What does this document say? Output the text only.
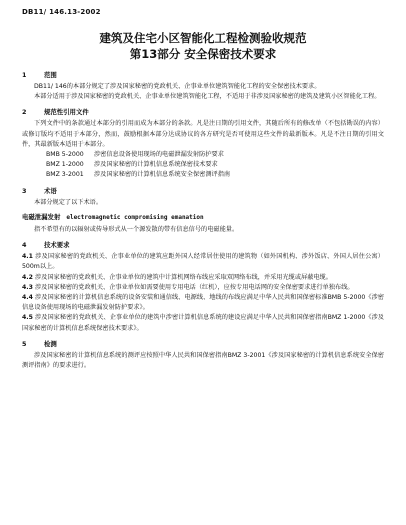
DB11/ 146.13-2002
建筑及住宅小区智能化工程检测验收规范
第13部分 安全保密技术要求
1	范围

DB11/ 146的本部分规定了涉及国家秘密的党政机关、企事业单位建筑智能化工程的安全保密技术要求。

本部分适用于涉及国家秘密的党政机关、企事业单位建筑智能化工程，不适用于非涉及国家秘密的建筑及建筑小区智能化工程。

2	规范性引用文件

下列文件中的条款通过本部分的引用而成为本部分的条款。凡是注日期的引用文件，其随后所有的修改单（不包括勘误的内容）或修订版均不适用于本部分，然而，鼓励根据本部分达成协议的各方研究是否可使用这些文件的最新版本。凡是不注日期的引用文件，其最新版本适用于本部分。

BMB 5-2000 涉密信息设备使用现场的电磁泄漏发射防护要求
BMZ 1-2000 涉及国家秘密的计算机信息系统保密技术要求
BMZ 3-2001 涉及国家秘密的计算机信息系统安全保密测评指南
3	术语

本部分规定了以下术语。

电磁泄漏发射 electromagnetic compromising emanation

指不希望有的以辐射或传导形式从一个源发散的带有信息信号的电磁能量。

4	技术要求

4.1 涉及国家秘密的党政机关、企事业单位的建筑应距外国人经常居住使用的建筑物（如外国机构、涉外饭店、外国人居住公寓）500m以上。

4.2 涉及国家秘密的党政机关、企事业单位的建筑中计算机网络布线应采取双网络布线，并采用光缆或屏蔽电缆。

4.3 涉及国家秘密的党政机关、企事业单位如需要使用专用电话（红机），应按专用电话网的安全保密要求进行单独布线。

4.4 涉及国家秘密的计算机信息系统的设备安装和通信线、电源线、地线的布线应满足中华人民共和国保密标准BMB 5-2000《涉密信息设备使用现场的电磁泄漏发射防护要求》。

4.5 涉及国家秘密的党政机关、企事业单位的建筑中涉密计算机信息系统的建设应满足中华人民共和国保密指南BMZ 1-2000《涉及国家秘密的计算机信息系统保密技术要求》。

5	检测

涉及国家秘密的计算机信息系统的测评应按照中华人民共和国保密指南BMZ 3-2001《涉及国家秘密的计算机信息系统安全保密测评指南》的要求进行。
